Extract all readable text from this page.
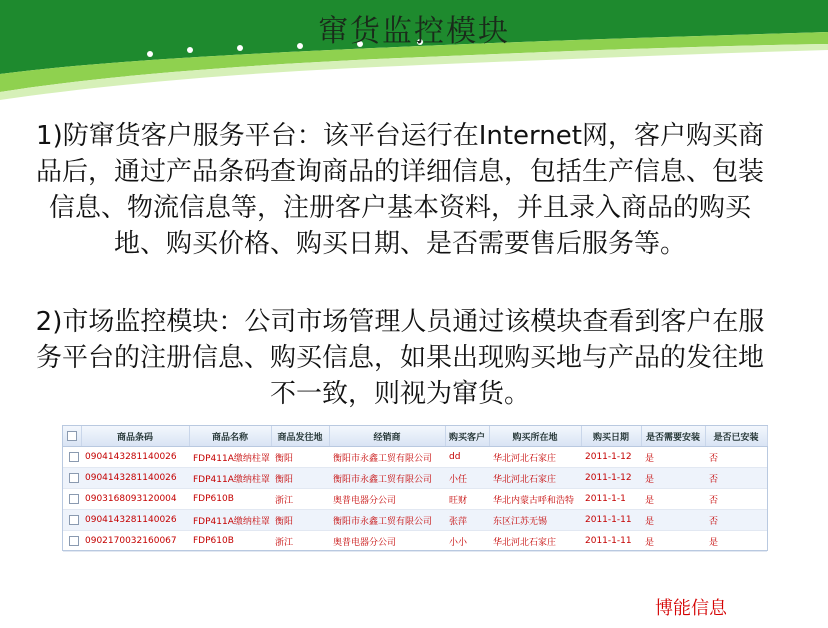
窜货监控模块

1)防窜货客户服务平台：该平台运行在Internet网，客户购买商品后，通过产品条码查询商品的详细信息，包括生产信息、包装信息、物流信息等，注册客户基本资料，并且录入商品的购买地、购买价格、购买日期、是否需要售后服务等。

2)市场监控模块：公司市场管理人员通过该模块查看到客户在服务平台的注册信息、购买信息，如果出现购买地与产品的发往地不一致，则视为窜货。

	商品条码	商品名称	商品发往地	经销商	购买客户	购买所在地	购买日期	是否需要安装	是否已安装
	0904143281140026	FDP411A缴纳柱罩	衡阳	衡阳市永鑫工贸有限公司	dd	华北河北石家庄	2011-1-12	是	否
	0904143281140026	FDP411A缴纳柱罩	衡阳	衡阳市永鑫工贸有限公司	小任	华北河北石家庄	2011-1-12	是	否
	0903168093120004	FDP610B	浙江	奥普电器分公司	旺财	华北内蒙古呼和浩特	2011-1-1	是	否
	0904143281140026	FDP411A缴纳柱罩	衡阳	衡阳市永鑫工贸有限公司	张萍	东区江苏无锡	2011-1-11	是	否
	0902170032160067	FDP610B	浙江	奥普电器分公司	小小	华北河北石家庄	2011-1-11	是	是
博能信息
